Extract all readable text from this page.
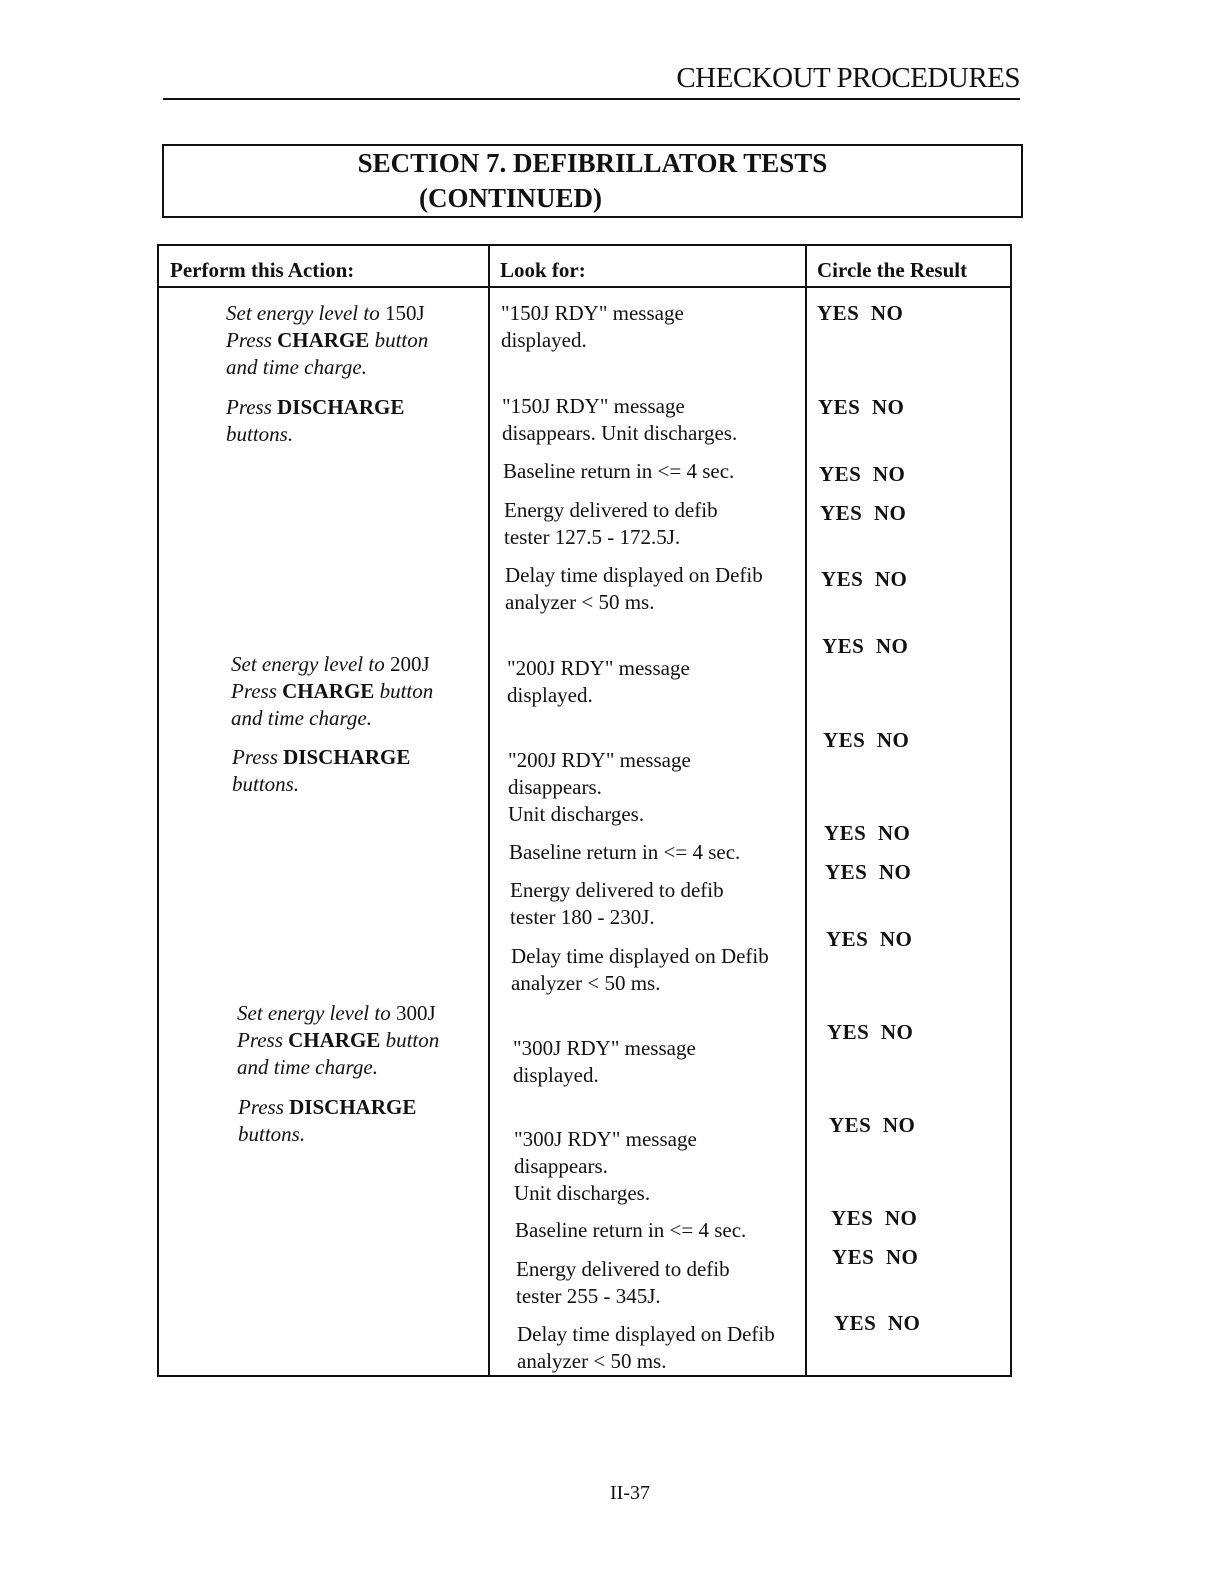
CHECKOUT PROCEDURES
SECTION 7. DEFIBRILLATOR TESTS
(CONTINUED)
Perform this Action:	Look for:	Circle the Result
Set energy level to 150J
Press CHARGE button
and time charge.
Press DISCHARGE
buttons.
Set energy level to 200J
Press CHARGE button
and time charge.
Press DISCHARGE
buttons.
Set energy level to 300J
Press CHARGE button
and time charge.
Press DISCHARGE
buttons.
"150J RDY" message
displayed.
"150J RDY" message
disappears. Unit discharges.
Baseline return in <= 4 sec.
Energy delivered to defib
tester 127.5 - 172.5J.
Delay time displayed on Defib
analyzer < 50 ms.
"200J RDY" message
displayed.
"200J RDY" message
disappears.
Unit discharges.
Baseline return in <= 4 sec.
Energy delivered to defib
tester 180 - 230J.
Delay time displayed on Defib
analyzer < 50 ms.
"300J RDY" message
displayed.
"300J RDY" message
disappears.
Unit discharges.
Baseline return in <= 4 sec.
Energy delivered to defib
tester 255 - 345J.
Delay time displayed on Defib
analyzer < 50 ms.
YES NO
YES NO
YES NO
YES NO
YES NO
YES NO
YES NO
YES NO
YES NO
YES NO
YES NO
YES NO
YES NO
YES NO
YES NO
II-37
